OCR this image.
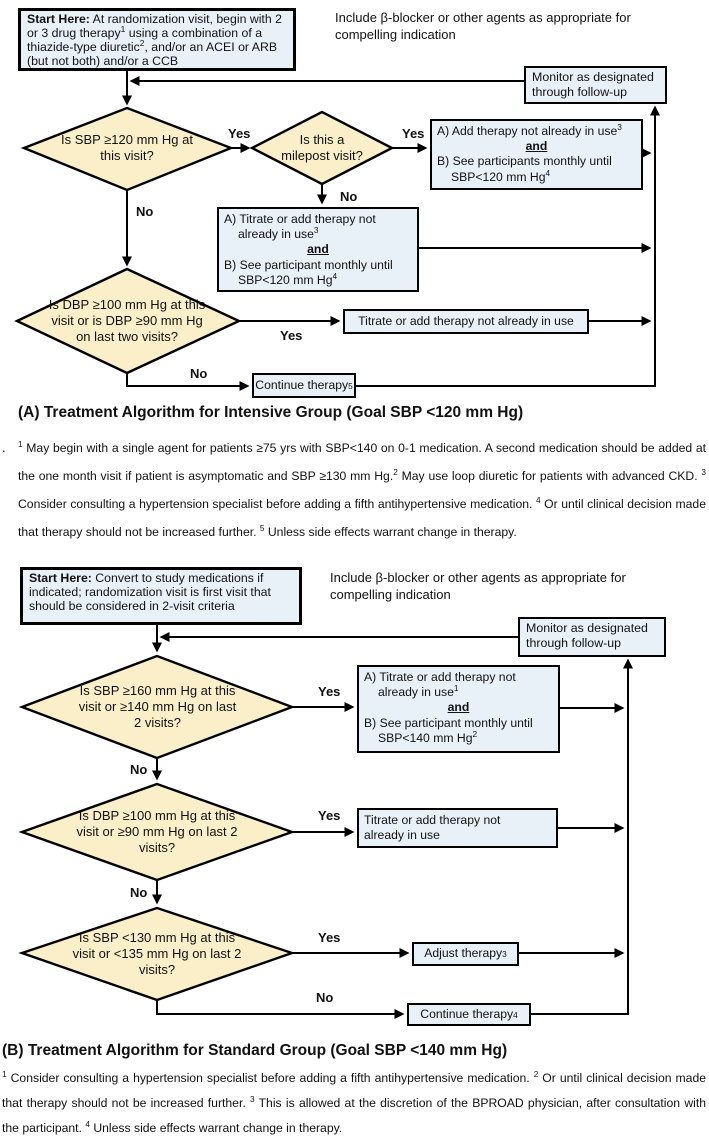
Start Here: At randomization visit, begin with 2 or 3 drug therapy$^1$ using a combination of a thiazide-type diuretic$^2$, and/or an ACEI or ARB (but not both) and/or a CCB
Include β-blocker or other agents as appropriate for compelling indication
Monitor as designated through follow-up
Is SBP ≥120 mm Hg at this visit?
Is this a milepost visit?
Yes	Yes
No
No
A) Add therapy not already in use$^3$
and
B) See participants monthly until
SBP<120 mm Hg$^4$
A) Titrate or add therapy not
already in use$^3$
and
B) See participant monthly until
SBP<120 mm Hg$^4$
Is DBP ≥100 mm Hg at this visit or is DBP ≥90 mm Hg on last two visits?	Yes
No
Titrate or add therapy not already in use
Continue therapy 5
(A) Treatment Algorithm for Intensive Group (Goal SBP <120 mm Hg)
. $^1$ May begin with a single agent for patients ≥75 yrs with SBP<140 on 0-1 medication. A second medication should be added at the one month visit if patient is asymptomatic and SBP ≥130 mm Hg.$^2$ May use loop diuretic for patients with advanced CKD. $^3$ Consider consulting a hypertension specialist before adding a fifth antihypertensive medication. $^4$ Or until clinical decision made that therapy should not be increased further. $^5$ Unless side effects warrant change in therapy.
Start Here: Convert to study medications if indicated; randomization visit is first visit that should be considered in 2-visit criteria
Include β-blocker or other agents as appropriate for compelling indication
Monitor as designated through follow-up
Is SBP ≥160 mm Hg at this visit or ≥140 mm Hg on last 2 visits?
Yes
No
A) Titrate or add therapy not
already in use$^1$
and
B) See participant monthly until
SBP<140 mm Hg$^2$
Is DBP ≥100 mm Hg at this visit or ≥90 mm Hg on last 2 visits?
Yes
No
Titrate or add therapy not
already in use
Is SBP <130 mm Hg at this visit or <135 mm Hg on last 2 visits?
Yes
No
Adjust therapy 3
Continue therapy 4
(B) Treatment Algorithm for Standard Group (Goal SBP <140 mm Hg)
$^1$ Consider consulting a hypertension specialist before adding a fifth antihypertensive medication. $^2$ Or until clinical decision made that therapy should not be increased further. $^3$ This is allowed at the discretion of the BPROAD physician, after consultation with the participant. $^4$ Unless side effects warrant change in therapy.
